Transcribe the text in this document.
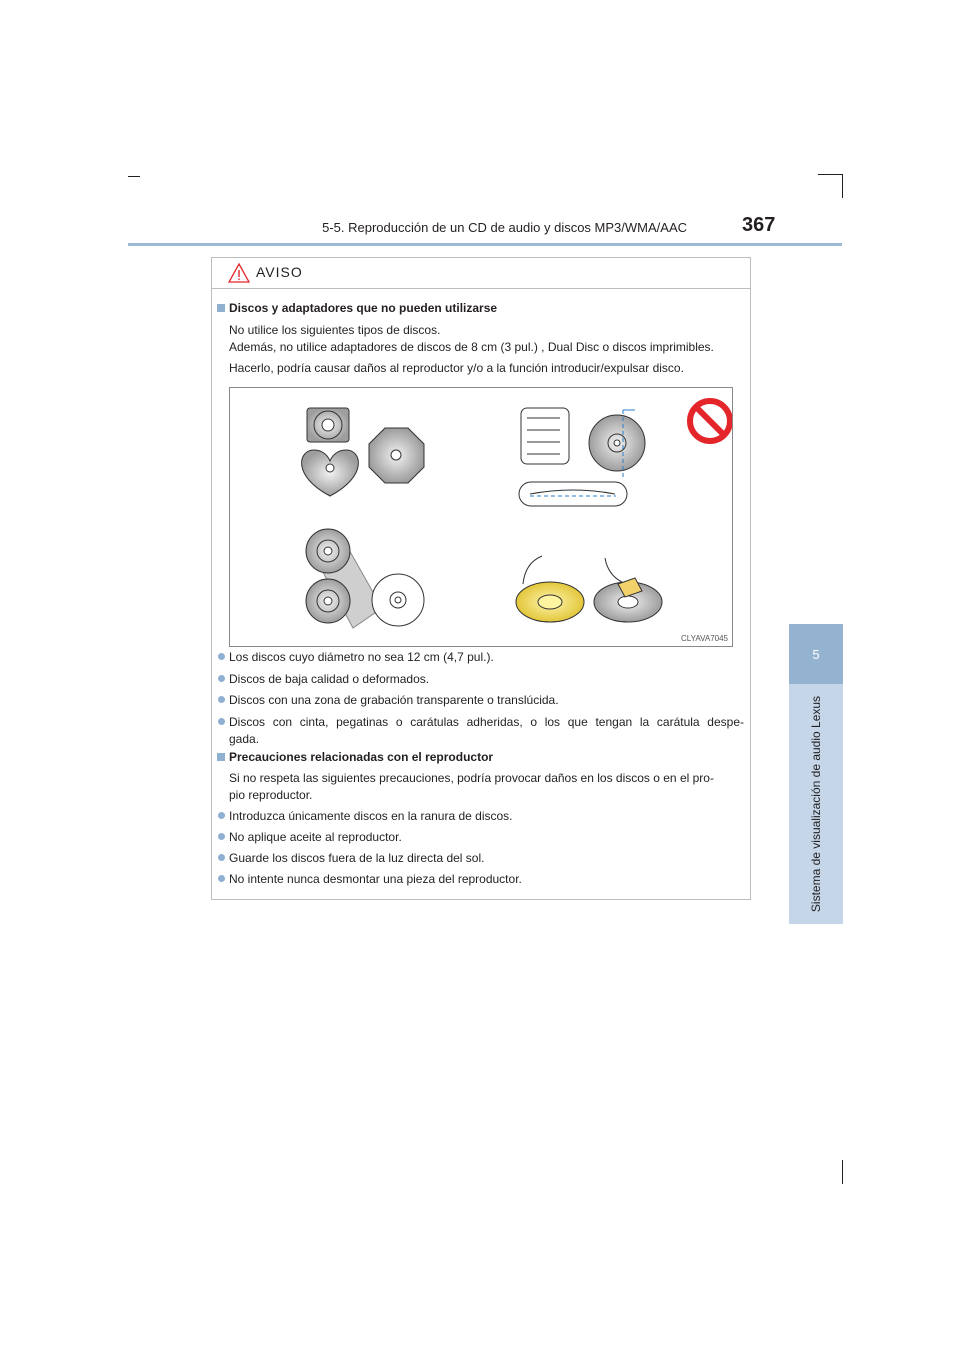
5-5. Reproducción de un CD de audio y discos MP3/WMA/AAC	367
5
Sistema de visualización de audio Lexus
AVISO
Discos y adaptadores que no pueden utilizarse
No utilice los siguientes tipos de discos.
Además, no utilice adaptadores de discos de 8 cm (3 pul.) , Dual Disc o discos imprimibles.
Hacerlo, podría causar daños al reproductor y/o a la función introducir/expulsar disco.
CLYAVA7045
Los discos cuyo diámetro no sea 12 cm (4,7 pul.).
Discos de baja calidad o deformados.
Discos con una zona de grabación transparente o translúcida.
Discos con cinta, pegatinas o carátulas adheridas, o los que tengan la carátula despe-
gada.
Precauciones relacionadas con el reproductor
Si no respeta las siguientes precauciones, podría provocar daños en los discos o en el pro-
pio reproductor.
Introduzca únicamente discos en la ranura de discos.
No aplique aceite al reproductor.
Guarde los discos fuera de la luz directa del sol.
No intente nunca desmontar una pieza del reproductor.
